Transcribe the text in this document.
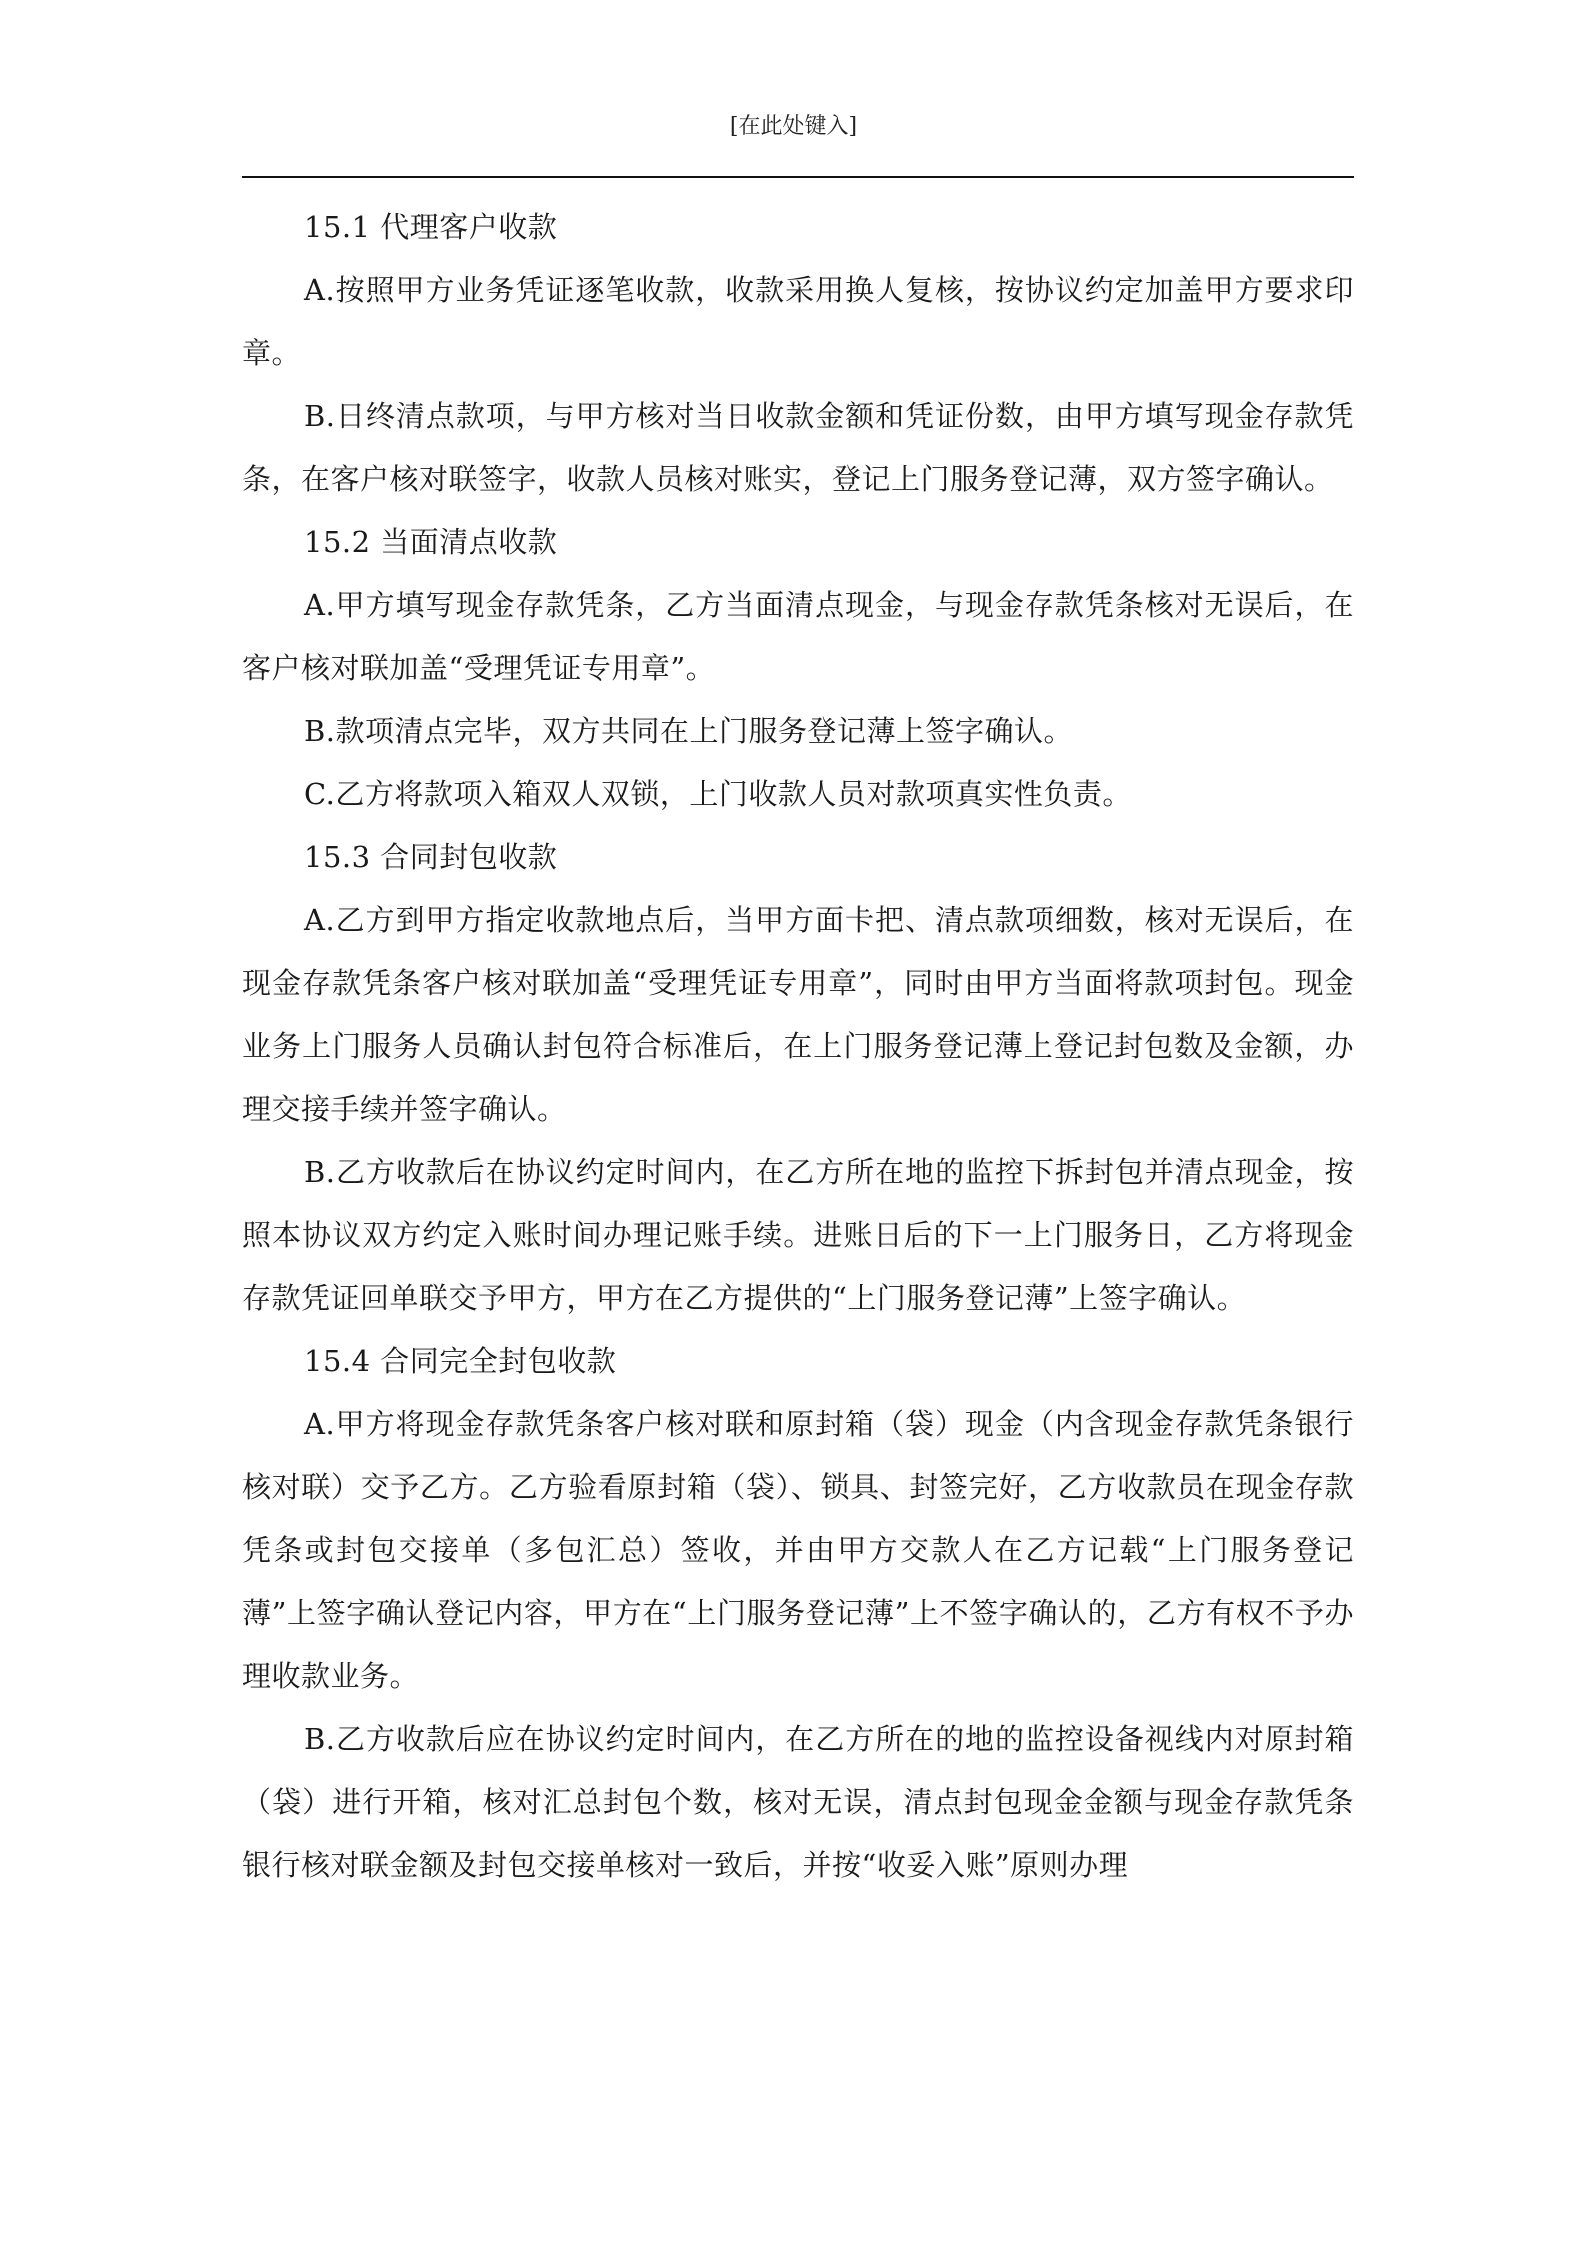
[在此处键入]

15.1 代理客户收款

A.按照甲方业务凭证逐笔收款，收款采用换人复核，按协议约定加盖甲方要求印章。

B.日终清点款项，与甲方核对当日收款金额和凭证份数，由甲方填写现金存款凭条，在客户核对联签字，收款人员核对账实，登记上门服务登记薄，双方签字确认。

15.2 当面清点收款

A.甲方填写现金存款凭条，乙方当面清点现金，与现金存款凭条核对无误后，在客户核对联加盖“受理凭证专用章”。

B.款项清点完毕，双方共同在上门服务登记薄上签字确认。

C.乙方将款项入箱双人双锁，上门收款人员对款项真实性负责。

15.3 合同封包收款

A.乙方到甲方指定收款地点后，当甲方面卡把、清点款项细数，核对无误后，在现金存款凭条客户核对联加盖“受理凭证专用章”，同时由甲方当面将款项封包。现金业务上门服务人员确认封包符合标准后，在上门服务登记薄上登记封包数及金额，办理交接手续并签字确认。

B.乙方收款后在协议约定时间内，在乙方所在地的监控下拆封包并清点现金，按照本协议双方约定入账时间办理记账手续。进账日后的下一上门服务日，乙方将现金存款凭证回单联交予甲方，甲方在乙方提供的“上门服务登记薄”上签字确认。

15.4 合同完全封包收款

A.甲方将现金存款凭条客户核对联和原封箱（袋）现金（内含现金存款凭条银行核对联）交予乙方。乙方验看原封箱（袋）、锁具、封签完好，乙方收款员在现金存款凭条或封包交接单（多包汇总）签收，并由甲方交款人在乙方记载“上门服务登记薄”上签字确认登记内容，甲方在“上门服务登记薄”上不签字确认的，乙方有权不予办理收款业务。

B.乙方收款后应在协议约定时间内，在乙方所在的地的监控设备视线内对原封箱（袋）进行开箱，核对汇总封包个数，核对无误，清点封包现金金额与现金存款凭条银行核对联金额及封包交接单核对一致后，并按“收妥入账”原则办理
